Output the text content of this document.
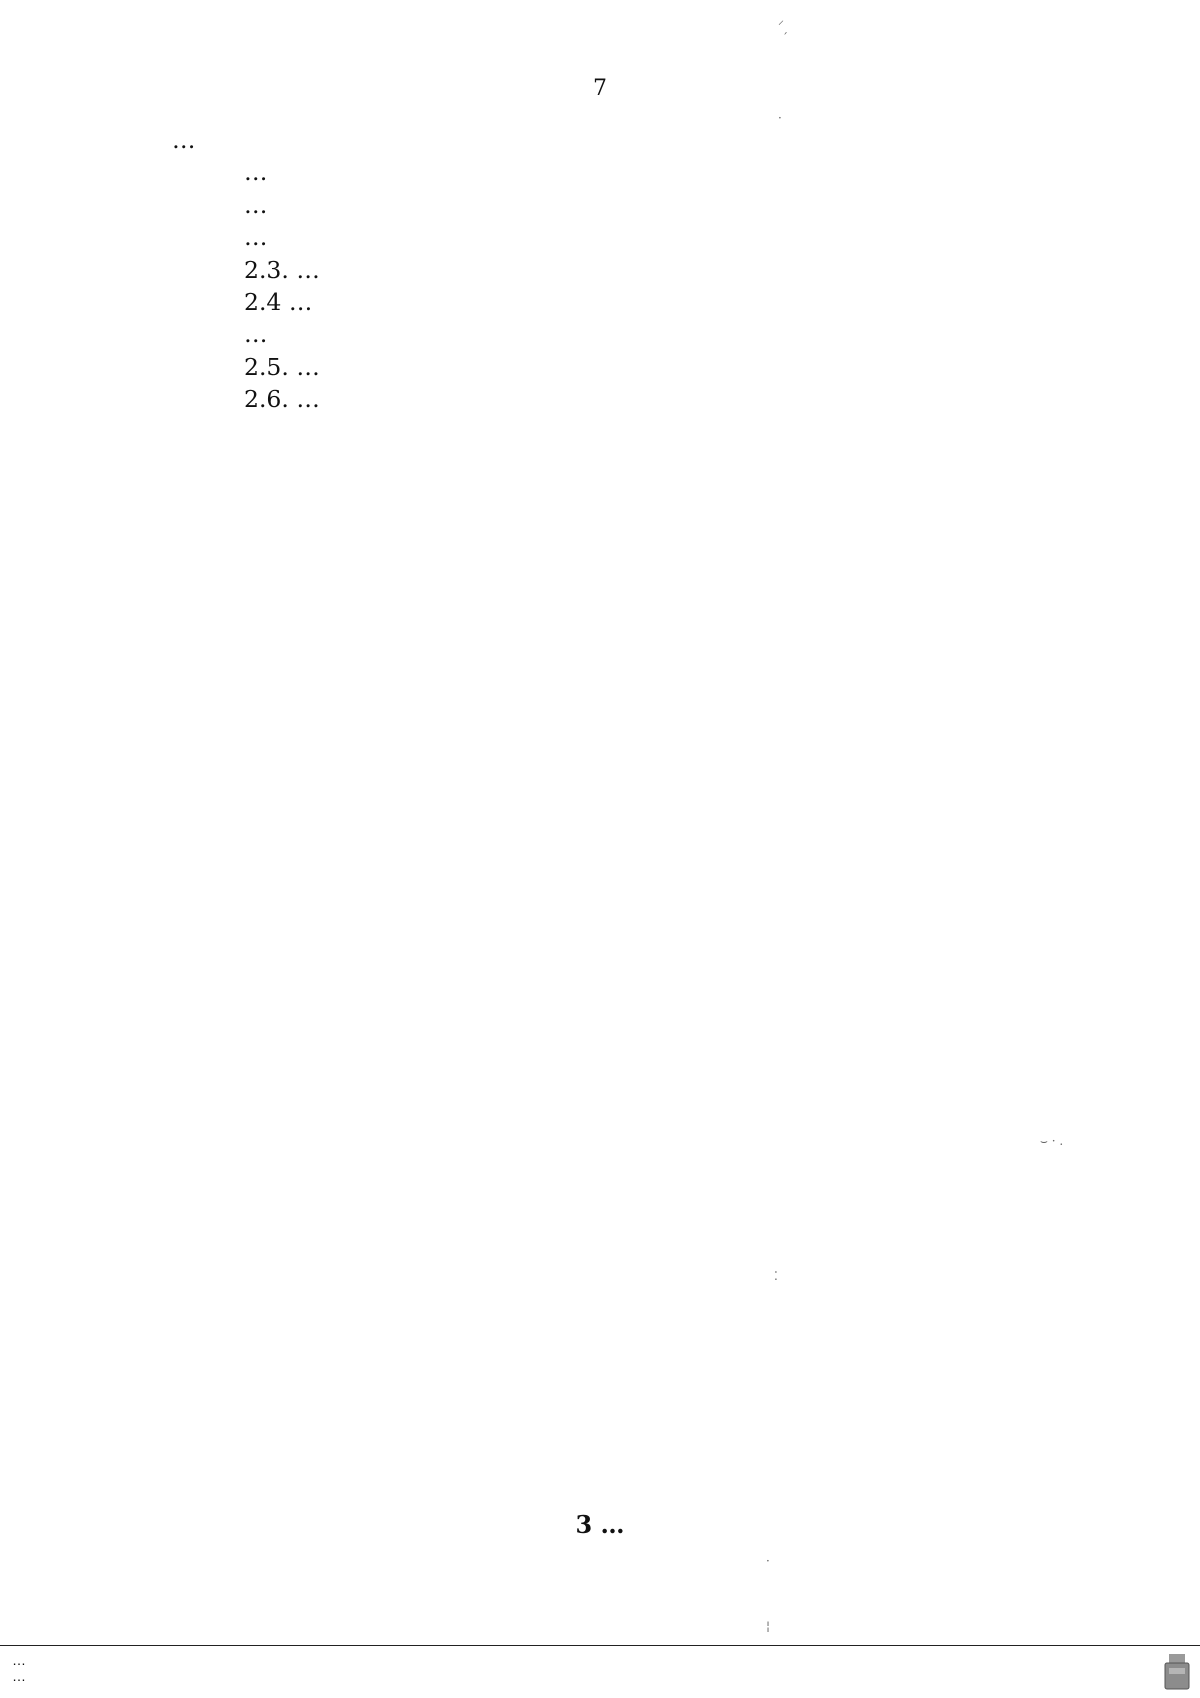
7

…

…

…

…

2.3. …

2.4 …

…

2.5. …

2.6. …

3 …
⸝
´
·
⌣ · .
⁚
·
¦
…
…
